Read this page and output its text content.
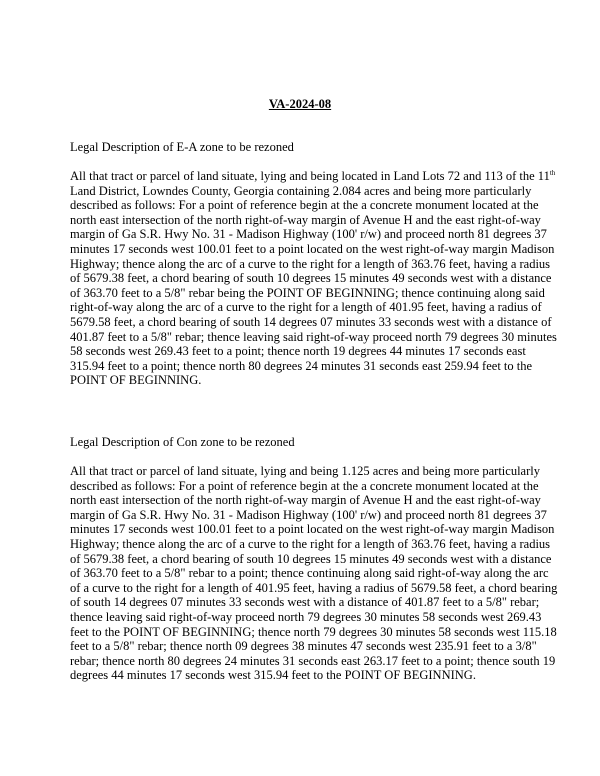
VA-2024-08

Legal Description of E-A zone to be rezoned

All that tract or parcel of land situate, lying and being located in Land Lots 72 and 113 of the 11th
Land District, Lowndes County, Georgia containing 2.084 acres and being more particularly
described as follows: For a point of reference begin at the a concrete monument located at the
north east intersection of the north right-of-way margin of Avenue H and the east right-of-way
margin of Ga S.R. Hwy No. 31 - Madison Highway (100' r/w) and proceed north 81 degrees 37
minutes 17 seconds west 100.01 feet to a point located on the west right-of-way margin Madison
Highway; thence along the arc of a curve to the right for a length of 363.76 feet, having a radius
of 5679.38 feet, a chord bearing of south 10 degrees 15 minutes 49 seconds west with a distance
of 363.70 feet to a 5/8" rebar being the POINT OF BEGINNING; thence continuing along said
right-of-way along the arc of a curve to the right for a length of 401.95 feet, having a radius of
5679.58 feet, a chord bearing of south 14 degrees 07 minutes 33 seconds west with a distance of
401.87 feet to a 5/8" rebar; thence leaving said right-of-way proceed north 79 degrees 30 minutes
58 seconds west 269.43 feet to a point; thence north 19 degrees 44 minutes 17 seconds east
315.94 feet to a point; thence north 80 degrees 24 minutes 31 seconds east 259.94 feet to the
POINT OF BEGINNING.

Legal Description of Con zone to be rezoned

All that tract or parcel of land situate, lying and being 1.125 acres and being more particularly
described as follows: For a point of reference begin at the a concrete monument located at the
north east intersection of the north right-of-way margin of Avenue H and the east right-of-way
margin of Ga S.R. Hwy No. 31 - Madison Highway (100' r/w) and proceed north 81 degrees 37
minutes 17 seconds west 100.01 feet to a point located on the west right-of-way margin Madison
Highway; thence along the arc of a curve to the right for a length of 363.76 feet, having a radius
of 5679.38 feet, a chord bearing of south 10 degrees 15 minutes 49 seconds west with a distance
of 363.70 feet to a 5/8" rebar to a point; thence continuing along said right-of-way along the arc
of a curve to the right for a length of 401.95 feet, having a radius of 5679.58 feet, a chord bearing
of south 14 degrees 07 minutes 33 seconds west with a distance of 401.87 feet to a 5/8" rebar;
thence leaving said right-of-way proceed north 79 degrees 30 minutes 58 seconds west 269.43
feet to the POINT OF BEGINNING; thence north 79 degrees 30 minutes 58 seconds west 115.18
feet to a 5/8" rebar; thence north 09 degrees 38 minutes 47 seconds west 235.91 feet to a 3/8"
rebar; thence north 80 degrees 24 minutes 31 seconds east 263.17 feet to a point; thence south 19
degrees 44 minutes 17 seconds west 315.94 feet to the POINT OF BEGINNING.
